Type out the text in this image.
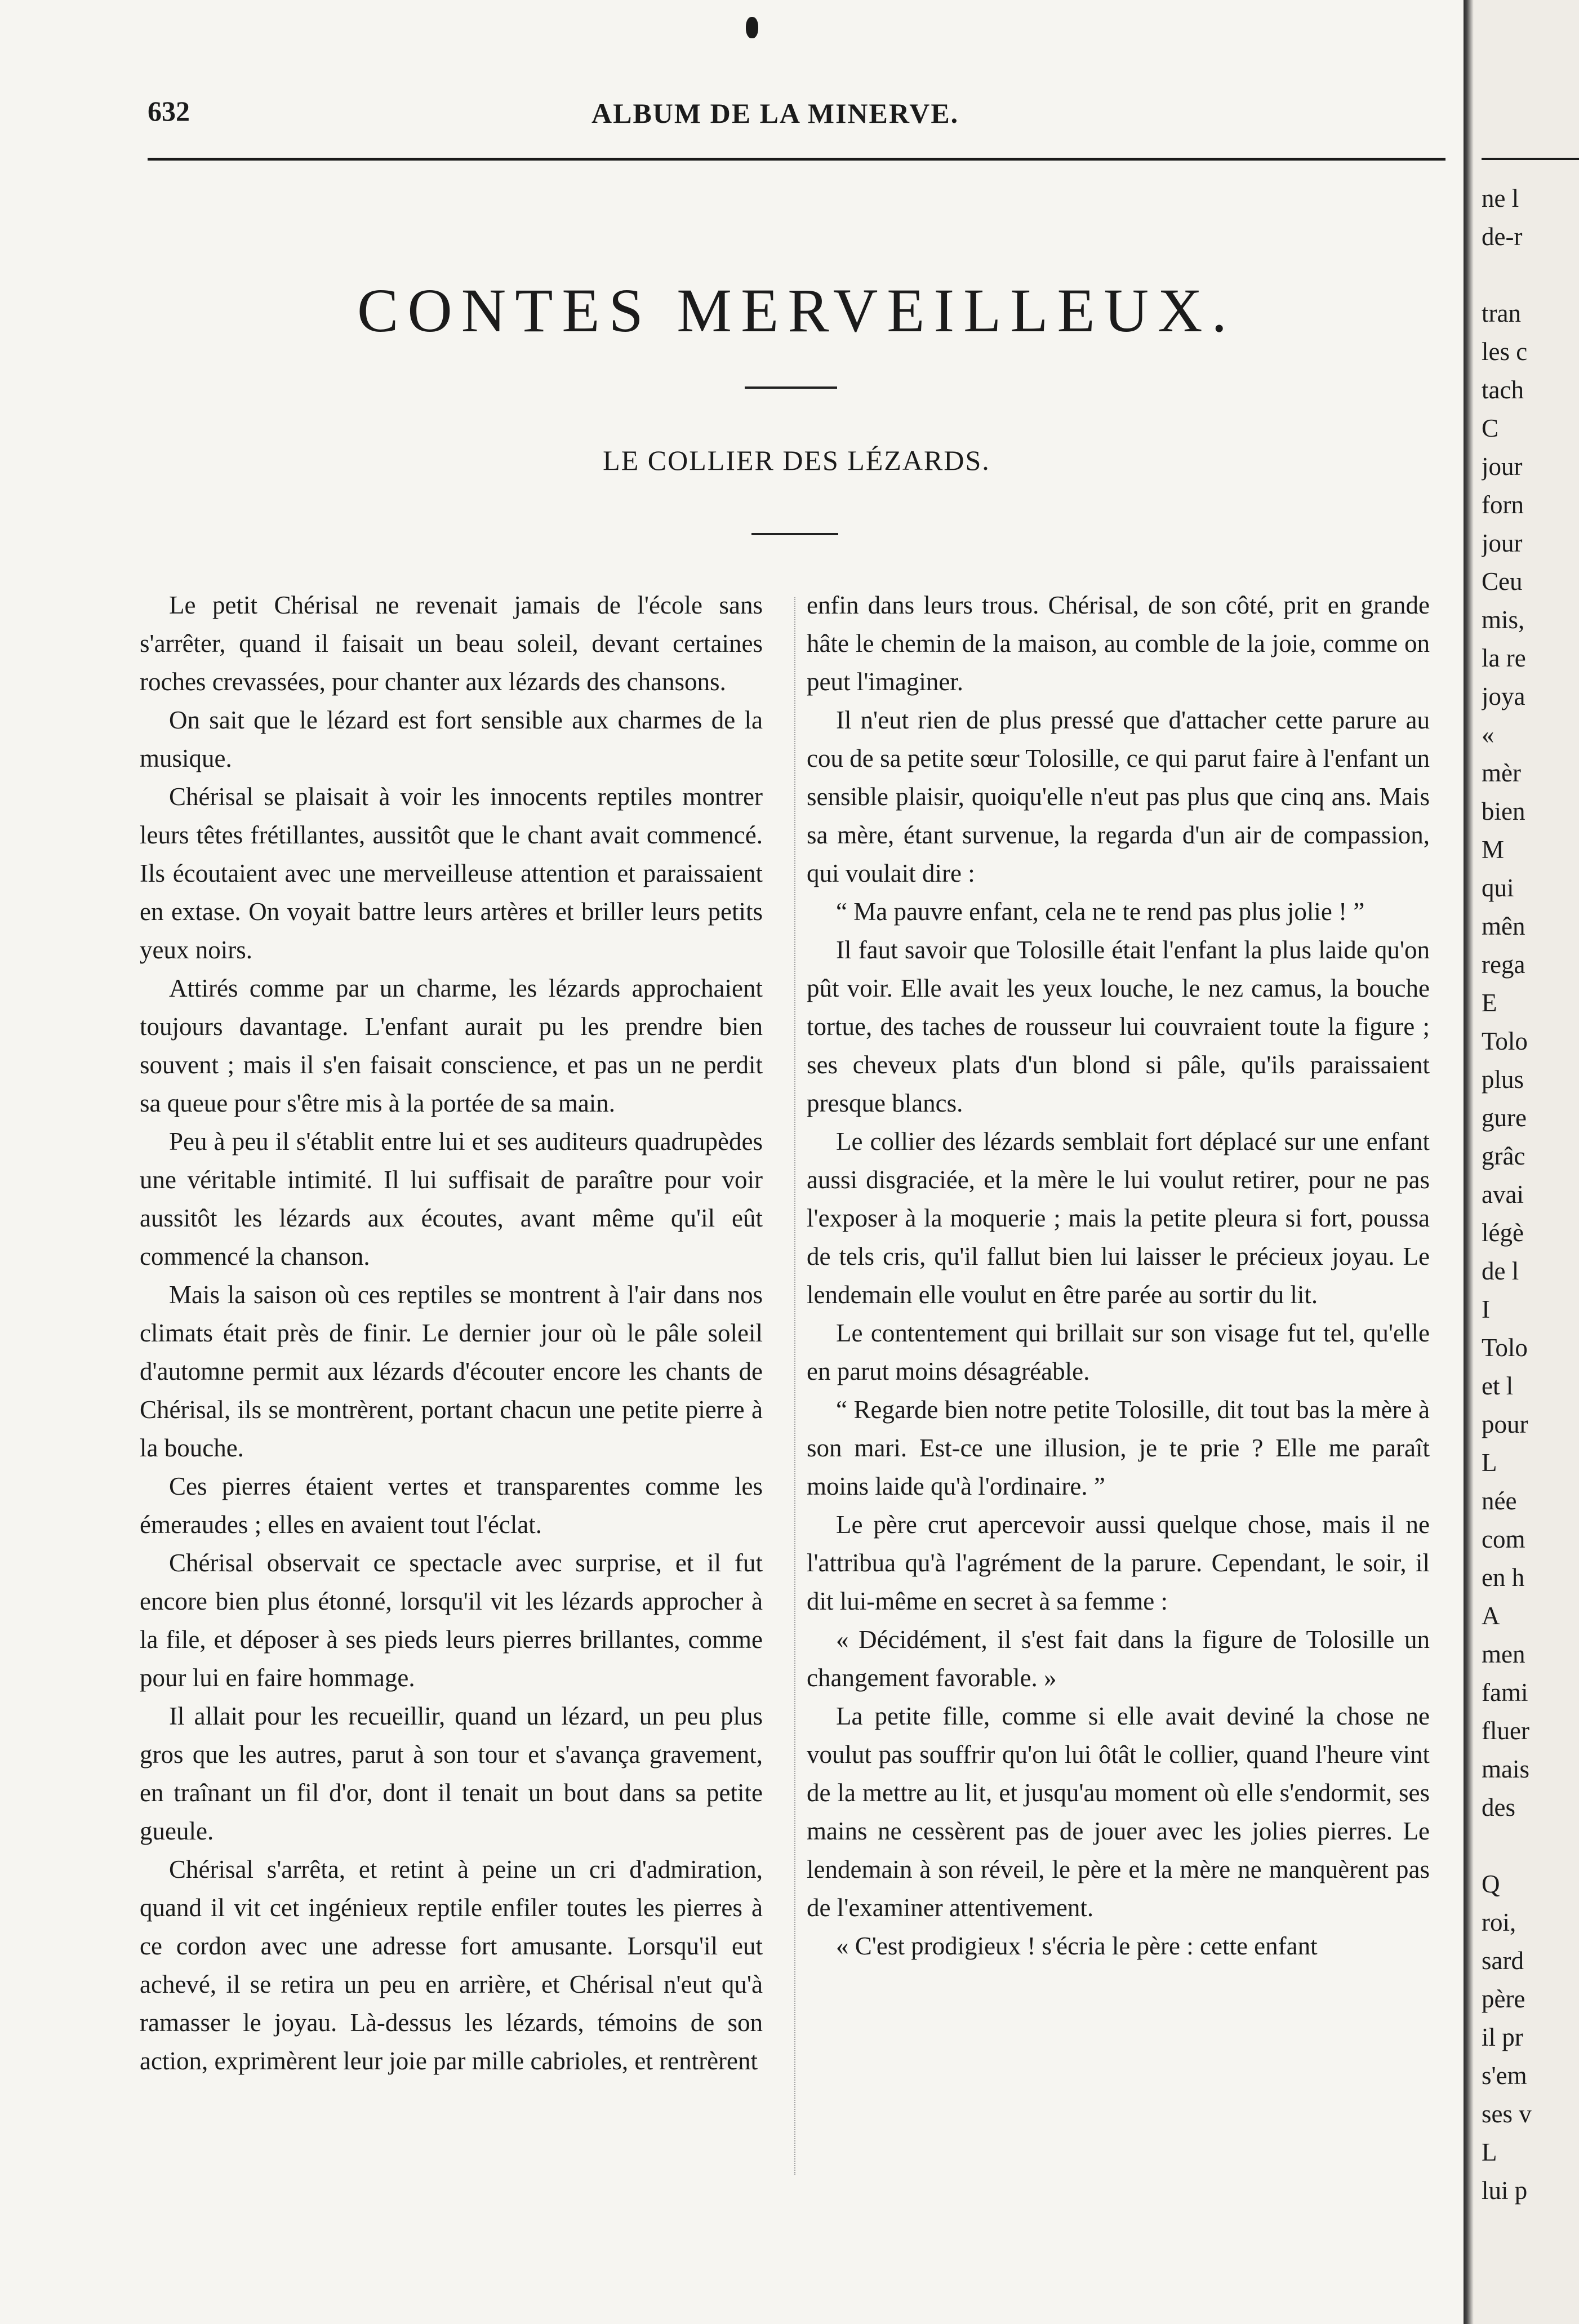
632	ALBUM DE LA MINERVE.
CONTES MERVEILLEUX.
LE COLLIER DES LÉZARDS.

Le petit Chérisal ne revenait jamais de l'école sans s'arrêter, quand il faisait un beau soleil, devant certaines roches crevassées, pour chanter aux lézards des chansons.

On sait que le lézard est fort sensible aux charmes de la musique.

Chérisal se plaisait à voir les innocents reptiles montrer leurs têtes frétillantes, aussitôt que le chant avait commencé. Ils écoutaient avec une merveilleuse attention et paraissaient en extase. On voyait battre leurs artères et briller leurs petits yeux noirs.

Attirés comme par un charme, les lézards approchaient toujours davantage. L'enfant aurait pu les prendre bien souvent ; mais il s'en faisait conscience, et pas un ne perdit sa queue pour s'être mis à la portée de sa main.

Peu à peu il s'établit entre lui et ses auditeurs quadrupèdes une véritable intimité. Il lui suffisait de paraître pour voir aussitôt les lézards aux écoutes, avant même qu'il eût commencé la chanson.

Mais la saison où ces reptiles se montrent à l'air dans nos climats était près de finir. Le dernier jour où le pâle soleil d'automne permit aux lézards d'écouter encore les chants de Chérisal, ils se montrèrent, portant chacun une petite pierre à la bouche.

Ces pierres étaient vertes et transparentes comme les émeraudes ; elles en avaient tout l'éclat.

Chérisal observait ce spectacle avec surprise, et il fut encore bien plus étonné, lorsqu'il vit les lézards approcher à la file, et déposer à ses pieds leurs pierres brillantes, comme pour lui en faire hommage.

Il allait pour les recueillir, quand un lézard, un peu plus gros que les autres, parut à son tour et s'avança gravement, en traînant un fil d'or, dont il tenait un bout dans sa petite gueule.

Chérisal s'arrêta, et retint à peine un cri d'admiration, quand il vit cet ingénieux reptile enfiler toutes les pierres à ce cordon avec une adresse fort amusante. Lorsqu'il eut achevé, il se retira un peu en arrière, et Chérisal n'eut qu'à ramasser le joyau. Là-dessus les lézards, témoins de son action, exprimèrent leur joie par mille cabrioles, et rentrèrent

enfin dans leurs trous. Chérisal, de son côté, prit en grande hâte le chemin de la maison, au comble de la joie, comme on peut l'imaginer.

Il n'eut rien de plus pressé que d'attacher cette parure au cou de sa petite sœur Tolosille, ce qui parut faire à l'enfant un sensible plaisir, quoiqu'elle n'eut pas plus que cinq ans. Mais sa mère, étant survenue, la regarda d'un air de compassion, qui voulait dire :

“ Ma pauvre enfant, cela ne te rend pas plus jolie ! ”

Il faut savoir que Tolosille était l'enfant la plus laide qu'on pût voir. Elle avait les yeux louche, le nez camus, la bouche tortue, des taches de rousseur lui couvraient toute la figure ; ses cheveux plats d'un blond si pâle, qu'ils paraissaient presque blancs.

Le collier des lézards semblait fort déplacé sur une enfant aussi disgraciée, et la mère le lui voulut retirer, pour ne pas l'exposer à la moquerie ; mais la petite pleura si fort, poussa de tels cris, qu'il fallut bien lui laisser le précieux joyau. Le lendemain elle voulut en être parée au sortir du lit.

Le contentement qui brillait sur son visage fut tel, qu'elle en parut moins désagréable.

“ Regarde bien notre petite Tolosille, dit tout bas la mère à son mari. Est-ce une illusion, je te prie ? Elle me paraît moins laide qu'à l'ordinaire. ”

Le père crut apercevoir aussi quelque chose, mais il ne l'attribua qu'à l'agrément de la parure. Cependant, le soir, il dit lui-même en secret à sa femme :

« Décidément, il s'est fait dans la figure de Tolosille un changement favorable. »

La petite fille, comme si elle avait deviné la chose ne voulut pas souffrir qu'on lui ôtât le collier, quand l'heure vint de la mettre au lit, et jusqu'au moment où elle s'endormit, ses mains ne cessèrent pas de jouer avec les jolies pierres. Le lendemain à son réveil, le père et la mère ne manquèrent pas de l'examiner attentivement.

« C'est prodigieux ! s'écria le père : cette enfant

ne l
de-r
tran
les c
tach
C
jour
forn
jour
Ceu
mis,
la re
joya
«
mèr
bien
M
qui
mên
rega
E
Tolo
plus
gure
grâc
avai
légè
de l
I
Tolo
et l
pour
L
née
com
en h
A
men
fami
fluer
mais
des
Q
roi,
sard
père
il pr
s'em
ses v
L
lui p
